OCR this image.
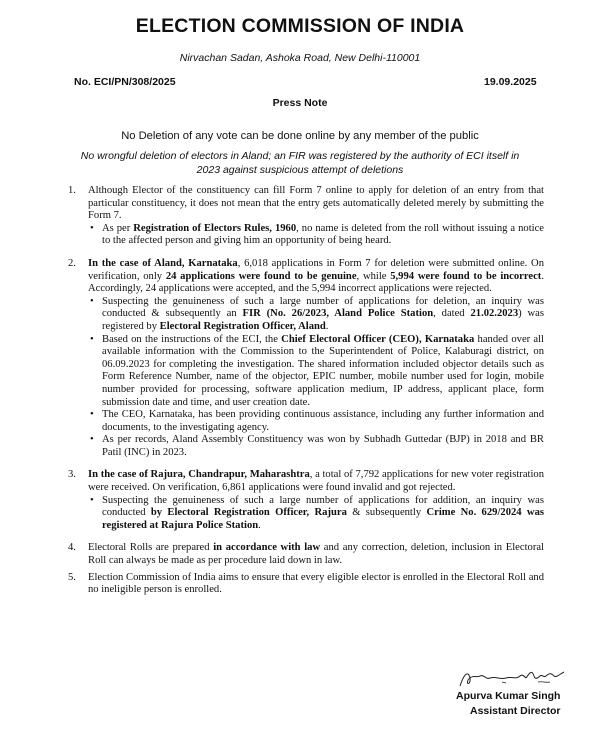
ELECTION COMMISSION OF INDIA
Nirvachan Sadan, Ashoka Road, New Delhi-110001
No. ECI/PN/308/2025	19.09.2025
Press Note
No Deletion of any vote can be done online by any member of the public
No wrongful deletion of electors in Aland; an FIR was registered by the authority of ECI itself in 2023 against suspicious attempt of deletions
1. Although Elector of the constituency can fill Form 7 online to apply for deletion of an entry from that particular constituency, it does not mean that the entry gets automatically deleted merely by submitting the Form 7.
• As per Registration of Electors Rules, 1960, no name is deleted from the roll without issuing a notice to the affected person and giving him an opportunity of being heard.
2. In the case of Aland, Karnataka, 6,018 applications in Form 7 for deletion were submitted online. On verification, only 24 applications were found to be genuine, while 5,994 were found to be incorrect. Accordingly, 24 applications were accepted, and the 5,994 incorrect applications were rejected.
• Suspecting the genuineness of such a large number of applications for deletion, an inquiry was conducted & subsequently an FIR (No. 26/2023, Aland Police Station, dated 21.02.2023) was registered by Electoral Registration Officer, Aland.
• Based on the instructions of the ECI, the Chief Electoral Officer (CEO), Karnataka handed over all available information with the Commission to the Superintendent of Police, Kalaburagi district, on 06.09.2023 for completing the investigation. The shared information included objector details such as Form Reference Number, name of the objector, EPIC number, mobile number used for login, mobile number provided for processing, software application medium, IP address, applicant place, form submission date and time, and user creation date.
• The CEO, Karnataka, has been providing continuous assistance, including any further information and documents, to the investigating agency.
• As per records, Aland Assembly Constituency was won by Subhadh Guttedar (BJP) in 2018 and BR Patil (INC) in 2023.
3. In the case of Rajura, Chandrapur, Maharashtra, a total of 7,792 applications for new voter registration were received. On verification, 6,861 applications were found invalid and got rejected.
• Suspecting the genuineness of such a large number of applications for addition, an inquiry was conducted by Electoral Registration Officer, Rajura & subsequently Crime No. 629/2024 was registered at Rajura Police Station.
4. Electoral Rolls are prepared in accordance with law and any correction, deletion, inclusion in Electoral Roll can always be made as per procedure laid down in law.
5. Election Commission of India aims to ensure that every eligible elector is enrolled in the Electoral Roll and no ineligible person is enrolled.
Apurva Kumar Singh
Assistant Director
